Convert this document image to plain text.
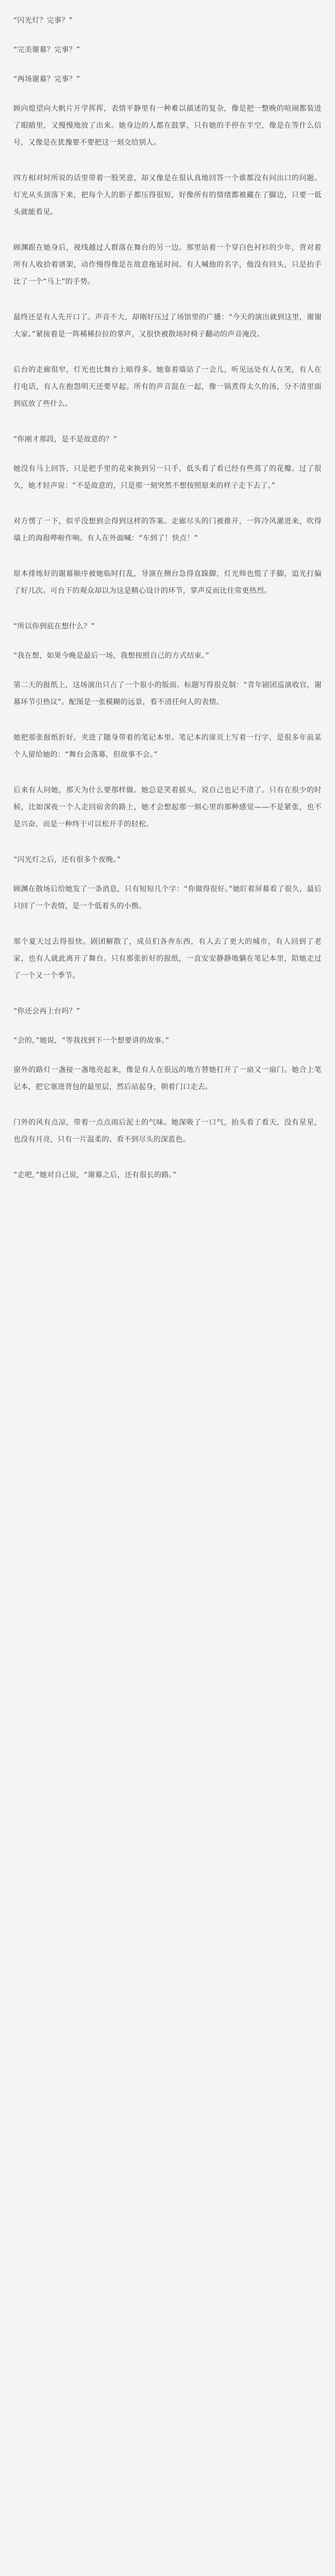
“闪光灯？完事？”

“完美谢幕？完事？”

“两场谢幕？完事？”

顾向熄望向大帆片开学挥挥，表情平静里有一种难以描述的复杂，像是把一整晚的喧闹都装进了眼睛里，又慢慢地放了出来。她身边的人都在鼓掌，只有她的手停在半空，像是在等什么信号，又像是在犹豫要不要把这一刻交给别人。

四方相对时所说的话里带着一股笑意，却又像是在很认真地回答一个谁都没有问出口的问题。灯光从头顶落下来，把每个人的影子都压得很短，好像所有的情绪都被藏在了脚边，只要一低头就能看见。

顾渊跟在她身后，视线越过人群落在舞台的另一边。那里站着一个穿白色衬衫的少年，背对着所有人收拾着谱架，动作慢得像是在故意拖延时间。有人喊他的名字，他没有回头，只是抬手比了一个“马上”的手势。

最终还是有人先开口了。声音不大，却刚好压过了场馆里的广播：“今天的演出就到这里，谢谢大家。”紧接着是一阵稀稀拉拉的掌声，又很快被散场时椅子翻动的声音淹没。

后台的走廊很窄，灯光也比舞台上暗得多。她靠着墙站了一会儿，听见远处有人在笑，有人在打电话，有人在抱怨明天还要早起。所有的声音混在一起，像一锅煮得太久的汤，分不清里面到底放了些什么。

“你刚才那段，是不是故意的？”

她没有马上回答，只是把手里的花束换到另一只手，低头看了看已经有些蔫了的花瓣。过了很久，她才轻声说：“不是故意的，只是那一刻突然不想按照原来的样子走下去了。”

对方愣了一下，似乎没想到会得到这样的答案。走廊尽头的门被推开，一阵冷风灌进来，吹得墙上的海报哗啦作响。有人在外面喊：“车到了！快点！”

原本排练好的谢幕顺序被她临时打乱，导演在侧台急得直跺脚，灯光师也慌了手脚，追光打偏了好几次。可台下的观众却以为这是精心设计的环节，掌声反而比往常更热烈。

“所以你到底在想什么？”

“我在想，如果今晚是最后一场，我想按照自己的方式结束。”

第二天的报纸上，这场演出只占了一个很小的版面。标题写得很克制：“青年剧团巡演收官，谢幕环节引热议”。配图是一张模糊的远景，看不清任何人的表情。

她把那张报纸折好，夹进了随身带着的笔记本里。笔记本的扉页上写着一行字，是很多年前某个人留给她的：“舞台会落幕，但故事不会。”

后来有人问她，那天为什么要那样做。她总是笑着摇头，说自己也记不清了。只有在很少的时候，比如深夜一个人走回宿舍的路上，她才会想起那一刻心里的那种感觉——不是紧张，也不是兴奋，而是一种终于可以松开手的轻松。

“闪光灯之后，还有很多个夜晚。”

顾渊在散场后给她发了一条消息，只有短短几个字：“你做得很好。”她盯着屏幕看了很久，最后只回了一个表情，是一个低着头的小熊。

那个夏天过去得很快。剧团解散了，成员们各奔东西，有人去了更大的城市，有人回到了老家，也有人就此离开了舞台。只有那张折好的报纸，一直安安静静地躺在笔记本里，陪她走过了一个又一个季节。

“你还会再上台吗？”

“会的，”她说，“等我找到下一个想要讲的故事。”

窗外的路灯一盏接一盏地亮起来，像是有人在很远的地方替她打开了一扇又一扇门。她合上笔记本，把它塞进背包的最里层，然后站起身，朝着门口走去。

门外的风有点凉，带着一点点雨后泥土的气味。她深吸了一口气，抬头看了看天，没有星星，也没有月亮，只有一片温柔的、看不到尽头的深蓝色。

“走吧，”她对自己说，“谢幕之后，还有很长的路。”
